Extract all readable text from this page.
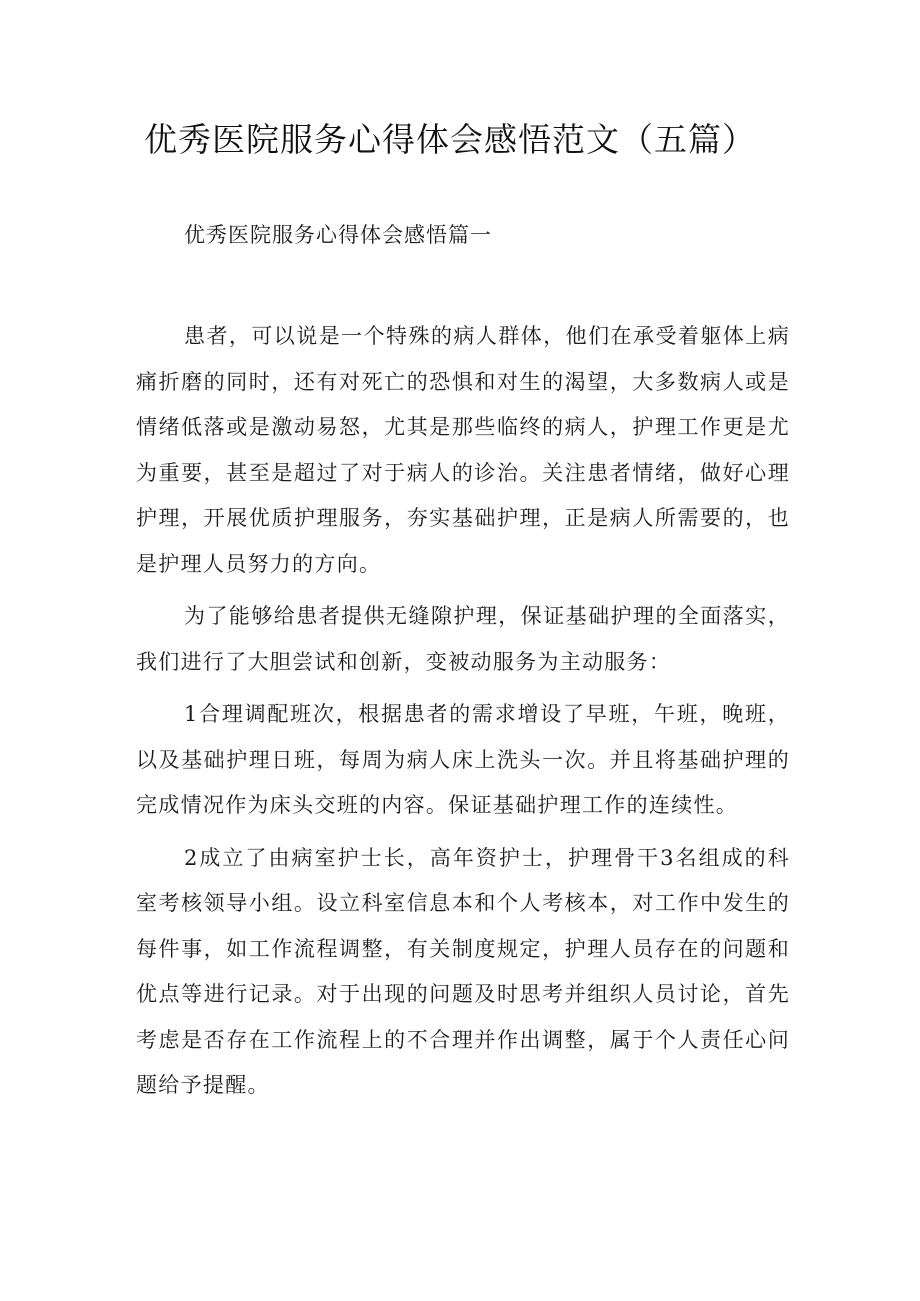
优秀医院服务心得体会感悟范文（五篇）
优秀医院服务心得体会感悟篇一

患者，可以说是一个特殊的病人群体，他们在承受着躯体上病痛折磨的同时，还有对死亡的恐惧和对生的渴望，大多数病人或是情绪低落或是激动易怒，尤其是那些临终的病人，护理工作更是尤为重要，甚至是超过了对于病人的诊治。关注患者情绪，做好心理护理，开展优质护理服务，夯实基础护理，正是病人所需要的，也是护理人员努力的方向。

为了能够给患者提供无缝隙护理，保证基础护理的全面落实，我们进行了大胆尝试和创新，变被动服务为主动服务：

1合理调配班次，根据患者的需求增设了早班，午班，晚班，以及基础护理日班，每周为病人床上洗头一次。并且将基础护理的完成情况作为床头交班的内容。保证基础护理工作的连续性。

2成立了由病室护士长，高年资护士，护理骨干3名组成的科室考核领导小组。设立科室信息本和个人考核本，对工作中发生的每件事，如工作流程调整，有关制度规定，护理人员存在的问题和优点等进行记录。对于出现的问题及时思考并组织人员讨论，首先考虑是否存在工作流程上的不合理并作出调整，属于个人责任心问题给予提醒。
